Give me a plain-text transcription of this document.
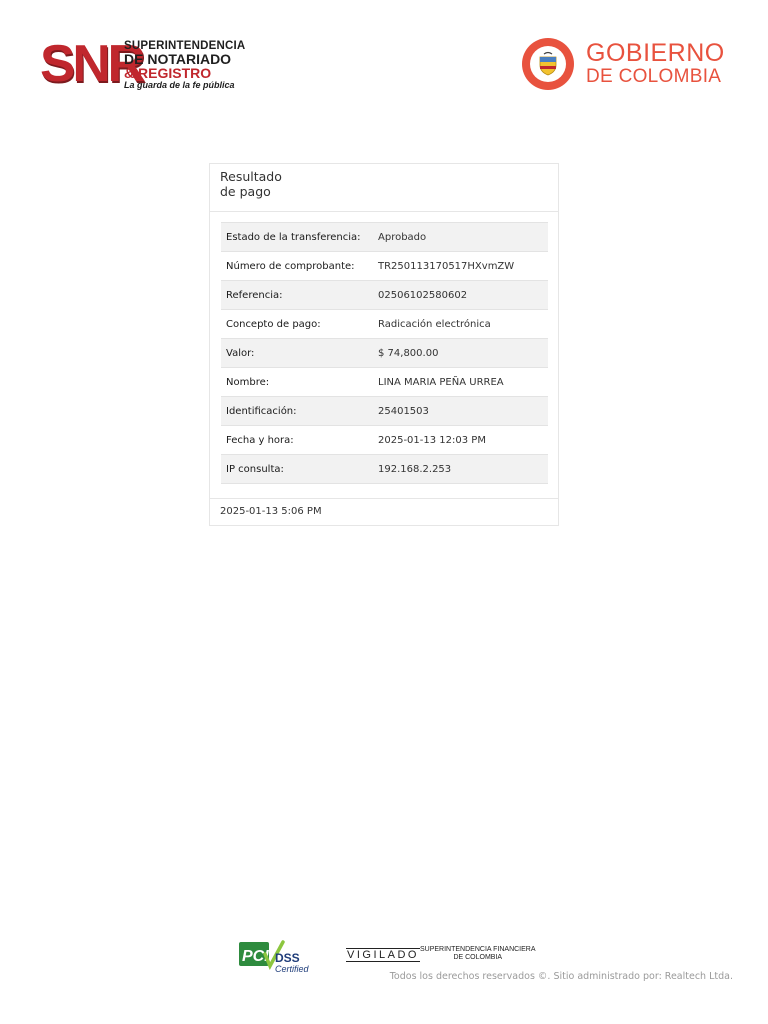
SNR
SUPERINTENDENCIA
DE NOTARIADO
& REGISTRO
La guarda de la fe pública
GOBIERNO
DE COLOMBIA
Resultado
de pago
Estado de la transferencia:	Aprobado
Número de comprobante:	TR250113170517HXvmZW
Referencia:	02506102580602
Concepto de pago:	Radicación electrónica
Valor:	$ 74,800.00
Nombre:	LINA MARIA PEÑA URREA
Identificación:	25401503
Fecha y hora:	2025-01-13 12:03 PM
IP consulta:	192.168.2.253
2025-01-13 5:06 PM
PCI DSS
Certified
VIGILADO SUPERINTENDENCIA FINANCIERA
DE COLOMBIA
Todos los derechos reservados ©. Sitio administrado por: Realtech Ltda.
